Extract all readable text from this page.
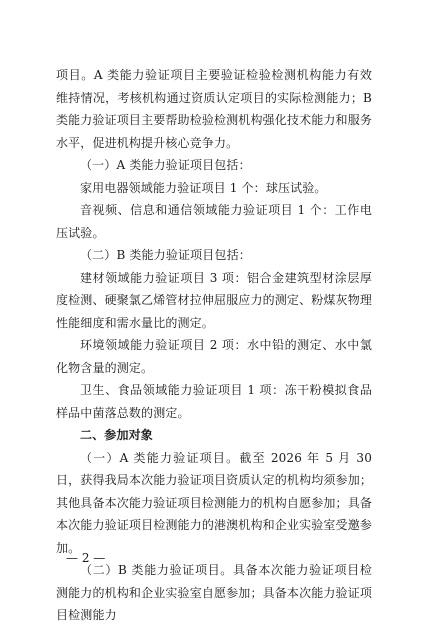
项目。A 类能力验证项目主要验证检验检测机构能力有效维持情况，考核机构通过资质认定项目的实际检测能力；B 类能力验证项目主要帮助检验检测机构强化技术能力和服务水平，促进机构提升核心竞争力。

（一）A 类能力验证项目包括：

家用电器领域能力验证项目 1 个：球压试验。

音视频、信息和通信领域能力验证项目 1 个：工作电压试验。

（二）B 类能力验证项目包括：

建材领域能力验证项目 3 项：铝合金建筑型材涂层厚度检测、硬聚氯乙烯管材拉伸屈服应力的测定、粉煤灰物理性能细度和需水量比的测定。

环境领域能力验证项目 2 项：水中铅的测定、水中氯化物含量的测定。

卫生、食品领域能力验证项目 1 项：冻干粉模拟食品样品中菌落总数的测定。

二、参加对象

（一）A 类能力验证项目。截至 2026 年 5 月 30 日，获得我局本次能力验证项目资质认定的机构均须参加；其他具备本次能力验证项目检测能力的机构自愿参加；具备本次能力验证项目检测能力的港澳机构和企业实验室受邀参加。

（二）B 类能力验证项目。具备本次能力验证项目检测能力的机构和企业实验室自愿参加；具备本次能力验证项目检测能力

— 2 —
